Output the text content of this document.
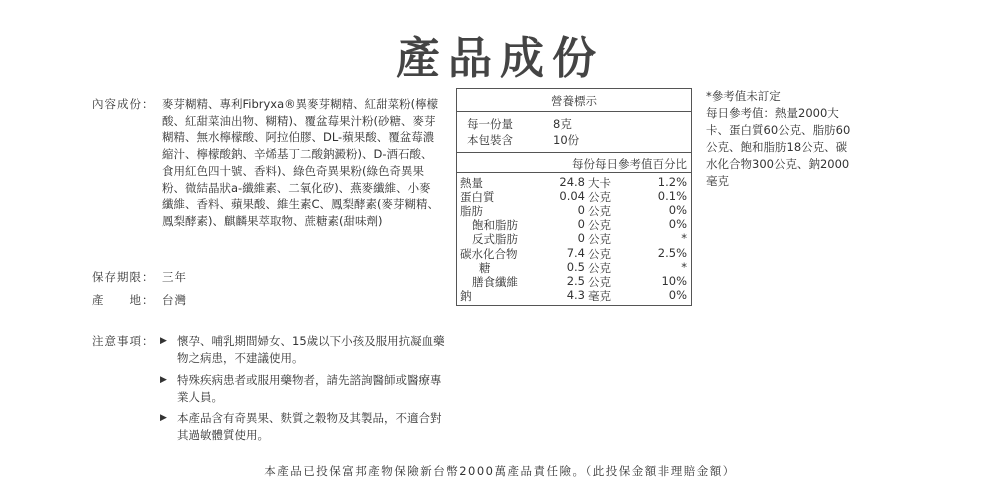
產品成份
內容成份： 麥芽糊精、專利Fibryxa®異麥芽糊精、紅甜菜粉(檸檬酸、紅甜菜油出物、糊精)、覆盆莓果汁粉(砂糖、麥芽糊精、無水檸檬酸、阿拉伯膠、DL-蘋果酸、覆盆莓濃縮汁、檸檬酸鈉、辛烯基丁二酸鈉澱粉)、D-酒石酸、食用紅色四十號、香料)、綠色奇異果粉(綠色奇異果粉、微結晶狀a-纖維素、二氧化矽)、燕麥纖維、小麥纖維、香料、蘋果酸、維生素C、鳳梨酵素(麥芽糊精、鳳梨酵素)、麒麟果萃取物、蔗糖素(甜味劑)
保存期限： 三年
產　　地： 台灣
注意事項： ▶ 懷孕、哺乳期間婦女、15歲以下小孩及服用抗凝血藥物之病患，不建議使用。
▶ 特殊疾病患者或服用藥物者，請先諮詢醫師或醫療專業人員。
▶ 本產品含有奇異果、麩質之穀物及其製品，不適合對其過敏體質使用。
營養標示
每一份量	8克
本包裝含	10份
每份每日參考值百分比
熱量	24.8 大卡	1.2%
蛋白質	0.04 公克	0.1%
脂肪	0 公克	0%
飽和脂肪	0 公克	0%
反式脂肪	0 公克	*
碳水化合物	7.4 公克	2.5%
糖	0.5 公克	*
膳食纖維	2.5 公克	10%
鈉	4.3 毫克	0%
*參考值未訂定
每日參考值：熱量2000大卡、蛋白質60公克、脂肪60公克、飽和脂肪18公克、碳水化合物300公克、鈉2000毫克
本產品已投保富邦產物保險新台幣2000萬產品責任險。（此投保金額非理賠金額）
